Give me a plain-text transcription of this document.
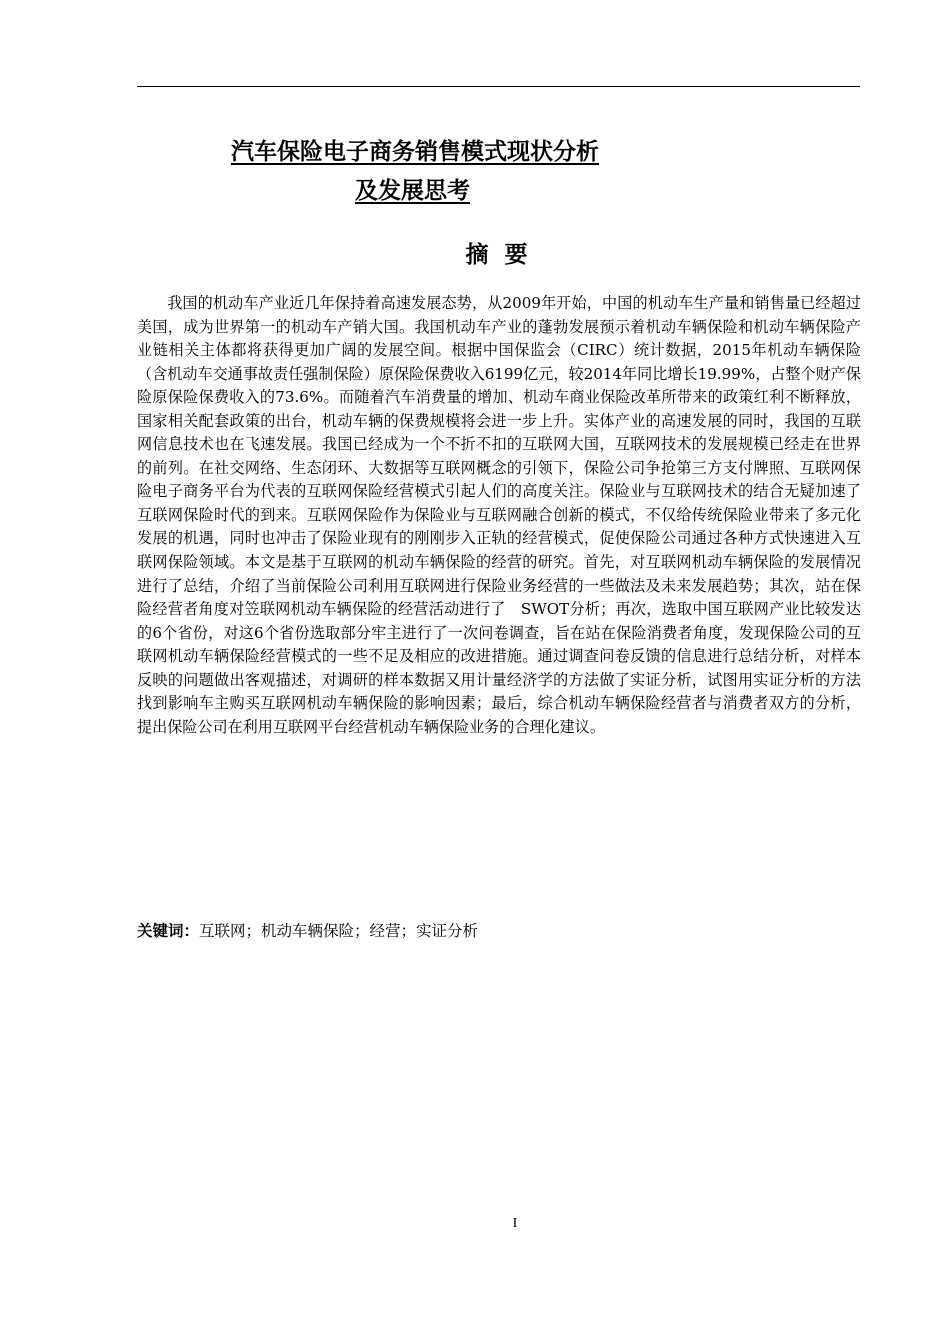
汽车保险电子商务销售模式现状分析
及发展思考
摘 要

我国的机动车产业近几年保持着高速发展态势，从2009年开始，中国的机动车生产量和销售量已经超过美国，成为世界第一的机动车产销大国。我国机动车产业的蓬勃发展预示着机动车辆保险和机动车辆保险产业链相关主体都将获得更加广阔的发展空间。根据中国保监会（CIRC）统计数据，2015年机动车辆保险（含机动车交通事故责任强制保险）原保险保费收入6199亿元，较2014年同比增长19.99%，占整个财产保险原保险保费收入的73.6%。而随着汽车消费量的增加、机动车商业保险改革所带来的政策红利不断释放，国家相关配套政策的出台，机动车辆的保费规模将会进一步上升。实体产业的高速发展的同时，我国的互联网信息技术也在飞速发展。我国已经成为一个不折不扣的互联网大国，互联网技术的发展规模已经走在世界的前列。在社交网络、生态闭环、大数据等互联网概念的引领下，保险公司争抢第三方支付牌照、互联网保险电子商务平台为代表的互联网保险经营模式引起人们的高度关注。保险业与互联网技术的结合无疑加速了互联网保险时代的到来。互联网保险作为保险业与互联网融合创新的模式，不仅给传统保险业带来了多元化发展的机遇，同时也冲击了保险业现有的刚刚步入正轨的经营模式，促使保险公司通过各种方式快速进入互联网保险领域。本文是基于互联网的机动车辆保险的经营的研究。首先，对互联网机动车辆保险的发展情况进行了总结，介绍了当前保险公司利用互联网进行保险业务经营的一些做法及未来发展趋势；其次，站在保险经营者角度对笠联网机动车辆保险的经营活动进行了　SWOT分析；再次，选取中国互联网产业比较发达的6个省份，对这6个省份选取部分牢主进行了一次问卷调查，旨在站在保险消费者角度，发现保险公司的互联网机动车辆保险经营模式的一些不足及相应的改进措施。通过调查问卷反馈的信息进行总结分析，对样本反映的问题做出客观描述，对调研的样本数据又用计量经济学的方法做了实证分析，试图用实证分析的方法找到影响车主购买互联网机动车辆保险的影响因素；最后，综合机动车辆保险经营者与消费者双方的分析，提出保险公司在利用互联网平台经营机动车辆保险业务的合理化建议。

关键词：互联网；机动车辆保险；经营；实证分析
I
